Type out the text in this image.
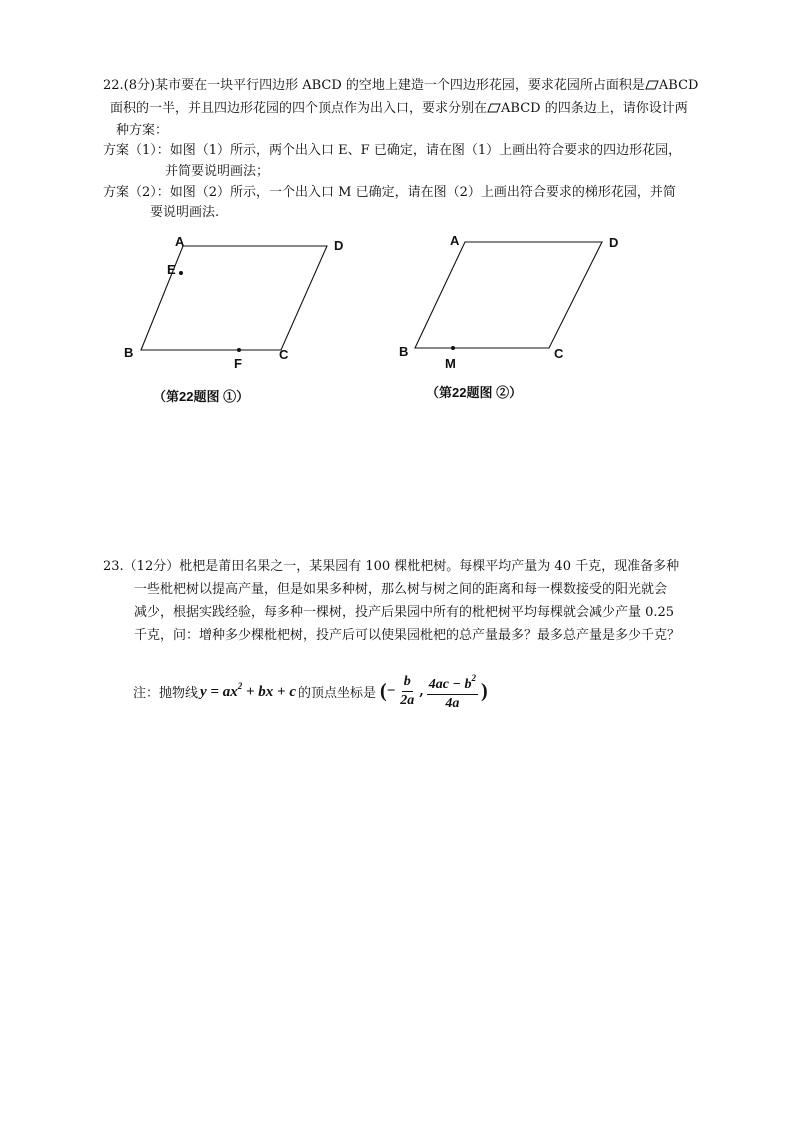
22.(8分)某市要在一块平行四边形 ABCD 的空地上建造一个四边形花园，要求花园所占面积是 ABCD
面积的一半，并且四边形花园的四个顶点作为出入口，要求分别在 ABCD 的四条边上，请你设计两
种方案：
方案（1）：如图（1）所示，两个出入口 E、F 已确定，请在图（1）上画出符合要求的四边形花园，
并简要说明画法；
方案（2）：如图（2）所示，一个出入口 M 已确定，请在图（2）上画出符合要求的梯形花园，并简
要说明画法.
A	D
E
B
F
C
（第22题图 ①）
A	D
B
M
C
（第22题图 ②）
23.（12分）枇杷是莆田名果之一，某果园有 100 棵枇杷树。每棵平均产量为 40 千克，现准备多种
一些枇杷树以提高产量，但是如果多种树，那么树与树之间的距离和每一棵数接受的阳光就会
减少，根据实践经验，每多种一棵树，投产后果园中所有的枇杷树平均每棵就会减少产量 0.25
千克，问：增种多少棵枇杷树，投产后可以使果园枇杷的总产量最多？最多总产量是多少千克？
注：抛物线 $y = ax^2$ + bx + c 的顶点坐标是 ( − $\frac{b}{2a}$ , $\frac{4ac - b^2}{4a}$ )
